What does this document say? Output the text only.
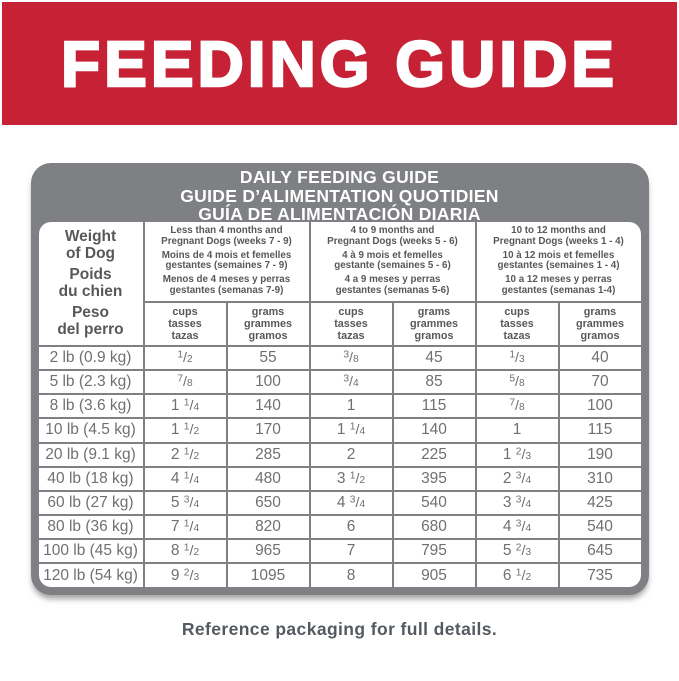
FEEDING GUIDE
DAILY FEEDING GUIDE
GUIDE D’ALIMENTATION QUOTIDIEN
GUÍA DE ALIMENTACIÓN DIARIA
Weight
of Dog
Poids
du chien
Peso
del perro

Less than 4 months and
Pregnant Dogs (weeks 7 - 9)
Moins de 4 mois et femelles
gestantes (semaines 7 - 9)
Menos de 4 meses y perras
gestantes (semanas 7-9)

4 to 9 months and
Pregnant Dogs (weeks 5 - 6)
4 à 9 mois et femelles
gestante (semaines 5 - 6)
4 a 9 meses y perras
gestantes (semanas 5-6)

10 to 12 months and
Pregnant Dogs (weeks 1 - 4)
10 à 12 mois et femelles
gestantes (semaines 1 - 4)
10 a 12 meses y perras
gestantes (semanas 1-4)

cups
tasses
tazas

grams
grammes
gramos

cups
tasses
tazas

grams
grammes
gramos

cups
tasses
tazas

grams
grammes
gramos

2 lb (0.9 kg)	$^1$/2	55	$^3$/8	45	$^1$/3	40
5 lb (2.3 kg)	$^7$/8	100	$^3$/4	85	$^5$/8	70
8 lb (3.6 kg)	1 $^1$/4	140	1	115	$^7$/8	100
10 lb (4.5 kg)	1 $^1$/2	170	1 $^1$/4	140	1	115
20 lb (9.1 kg)	2 $^1$/2	285	2	225	1 $^2$/3	190
40 lb (18 kg)	4 $^1$/4	480	3 $^1$/2	395	2 $^3$/4	310
60 lb (27 kg)	5 $^3$/4	650	4 $^3$/4	540	3 $^3$/4	425
80 lb (36 kg)	7 $^1$/4	820	6	680	4 $^3$/4	540
100 lb (45 kg)	8 $^1$/2	965	7	795	5 $^2$/3	645
120 lb (54 kg)	9 $^2$/3	1095	8	905	6 $^1$/2	735
Reference packaging for full details.
